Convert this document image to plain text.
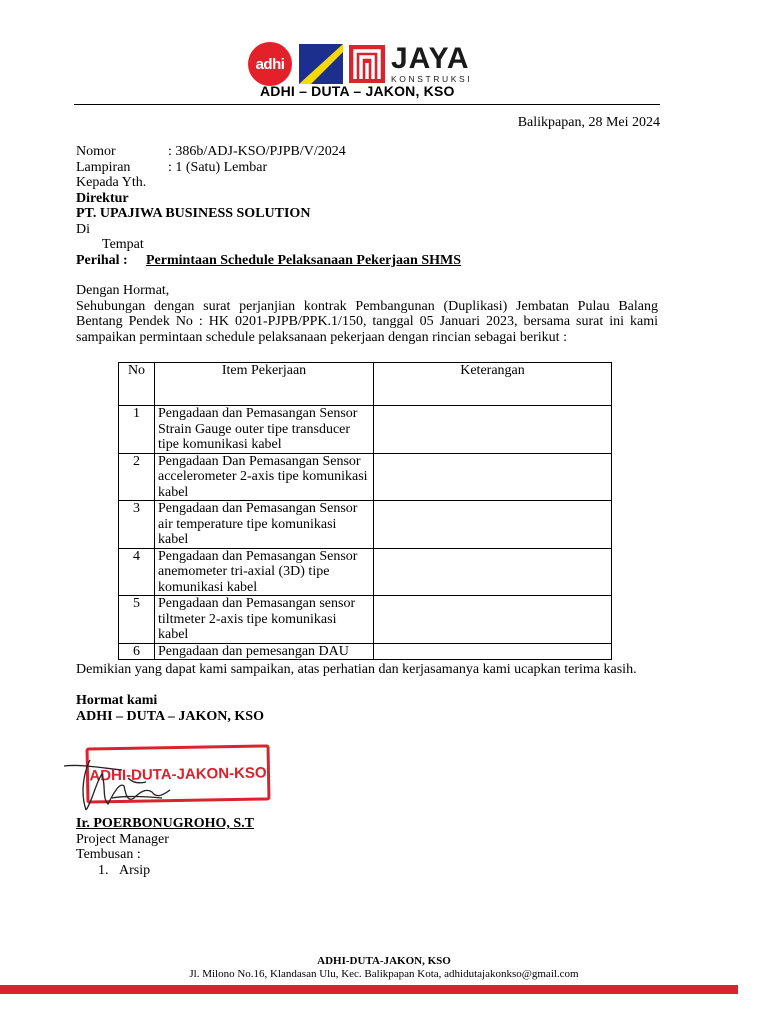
adhi	JAYA
KONSTRUKSI
ADHI – DUTA – JAKON, KSO
Balikpapan, 28 Mei 2024
Nomor	: 386b/ADJ-KSO/PJPB/V/2024
Lampiran	: 1 (Satu) Lembar
Kepada Yth.
Direktur
PT. UPAJIWA BUSINESS SOLUTION
Di
Tempat
Perihal : Permintaan Schedule Pelaksanaan Pekerjaan SHMS
Dengan Hormat,
Sehubungan dengan surat perjanjian kontrak Pembangunan (Duplikasi) Jembatan Pulau Balang Bentang Pendek No : HK 0201-PJPB/PPK.1/150, tanggal 05 Januari 2023, bersama surat ini kami sampaikan permintaan schedule pelaksanaan pekerjaan dengan rincian sebagai berikut :
No	Item Pekerjaan	Keterangan
1	Pengadaan dan Pemasangan Sensor Strain Gauge outer tipe transducer tipe komunikasi kabel	
2	Pengadaan Dan Pemasangan Sensor accelerometer 2-axis tipe komunikasi kabel	
3	Pengadaan dan Pemasangan Sensor air temperature tipe komunikasi kabel	
4	Pengadaan dan Pemasangan Sensor anemometer tri-axial (3D) tipe komunikasi kabel	
5	Pengadaan dan Pemasangan sensor tiltmeter 2-axis tipe komunikasi kabel	
6	Pengadaan dan pemesangan DAU	
Demikian yang dapat kami sampaikan, atas perhatian dan kerjasamanya kami ucapkan terima kasih.
Hormat kami
ADHI – DUTA – JAKON, KSO
ADHI-DUTA-JAKON-KSO
Ir. POERBONUGROHO, S.T
Project Manager
Tembusan :
1.   Arsip
ADHI-DUTA-JAKON, KSO
Jl. Milono No.16, Klandasan Ulu, Kec. Balikpapan Kota, adhidutajakonkso@gmail.com
